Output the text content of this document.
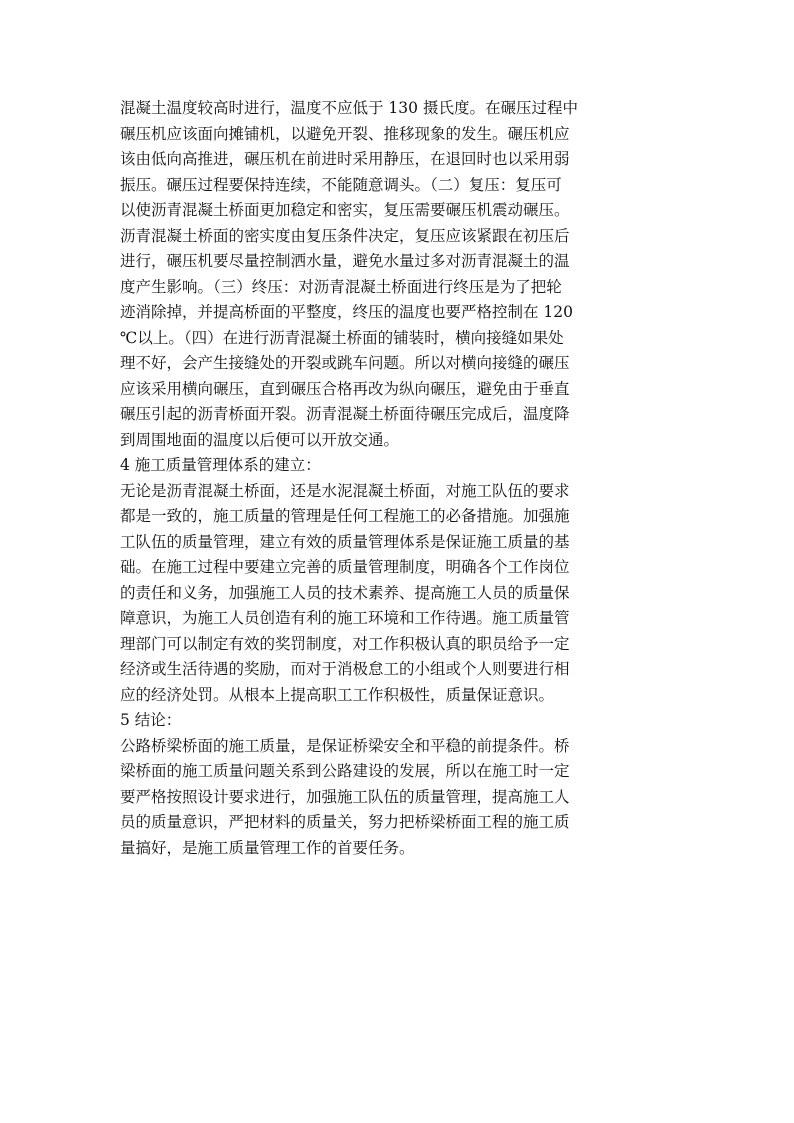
混凝土温度较高时进行，温度不应低于 130 摄氏度。在碾压过程中
碾压机应该面向摊铺机，以避免开裂、推移现象的发生。碾压机应
该由低向高推进，碾压机在前进时采用静压，在退回时也以采用弱
振压。碾压过程要保持连续，不能随意调头。（二）复压：复压可
以使沥青混凝土桥面更加稳定和密实，复压需要碾压机震动碾压。
沥青混凝土桥面的密实度由复压条件决定，复压应该紧跟在初压后
进行，碾压机要尽量控制洒水量，避免水量过多对沥青混凝土的温
度产生影响。（三）终压：对沥青混凝土桥面进行终压是为了把轮
迹消除掉，并提高桥面的平整度，终压的温度也要严格控制在 120
℃以上。（四）在进行沥青混凝土桥面的铺装时，横向接缝如果处
理不好，会产生接缝处的开裂或跳车问题。所以对横向接缝的碾压
应该采用横向碾压，直到碾压合格再改为纵向碾压，避免由于垂直
碾压引起的沥青桥面开裂。沥青混凝土桥面待碾压完成后，温度降
到周围地面的温度以后便可以开放交通。
4 施工质量管理体系的建立：
无论是沥青混凝土桥面，还是水泥混凝土桥面，对施工队伍的要求
都是一致的，施工质量的管理是任何工程施工的必备措施。加强施
工队伍的质量管理，建立有效的质量管理体系是保证施工质量的基
础。在施工过程中要建立完善的质量管理制度，明确各个工作岗位
的责任和义务，加强施工人员的技术素养、提高施工人员的质量保
障意识，为施工人员创造有利的施工环境和工作待遇。施工质量管
理部门可以制定有效的奖罚制度，对工作积极认真的职员给予一定
经济或生活待遇的奖励，而对于消极怠工的小组或个人则要进行相
应的经济处罚。从根本上提高职工工作积极性，质量保证意识。
5 结论：
公路桥梁桥面的施工质量，是保证桥梁安全和平稳的前提条件。桥
梁桥面的施工质量问题关系到公路建设的发展，所以在施工时一定
要严格按照设计要求进行，加强施工队伍的质量管理，提高施工人
员的质量意识，严把材料的质量关，努力把桥梁桥面工程的施工质
量搞好，是施工质量管理工作的首要任务。
